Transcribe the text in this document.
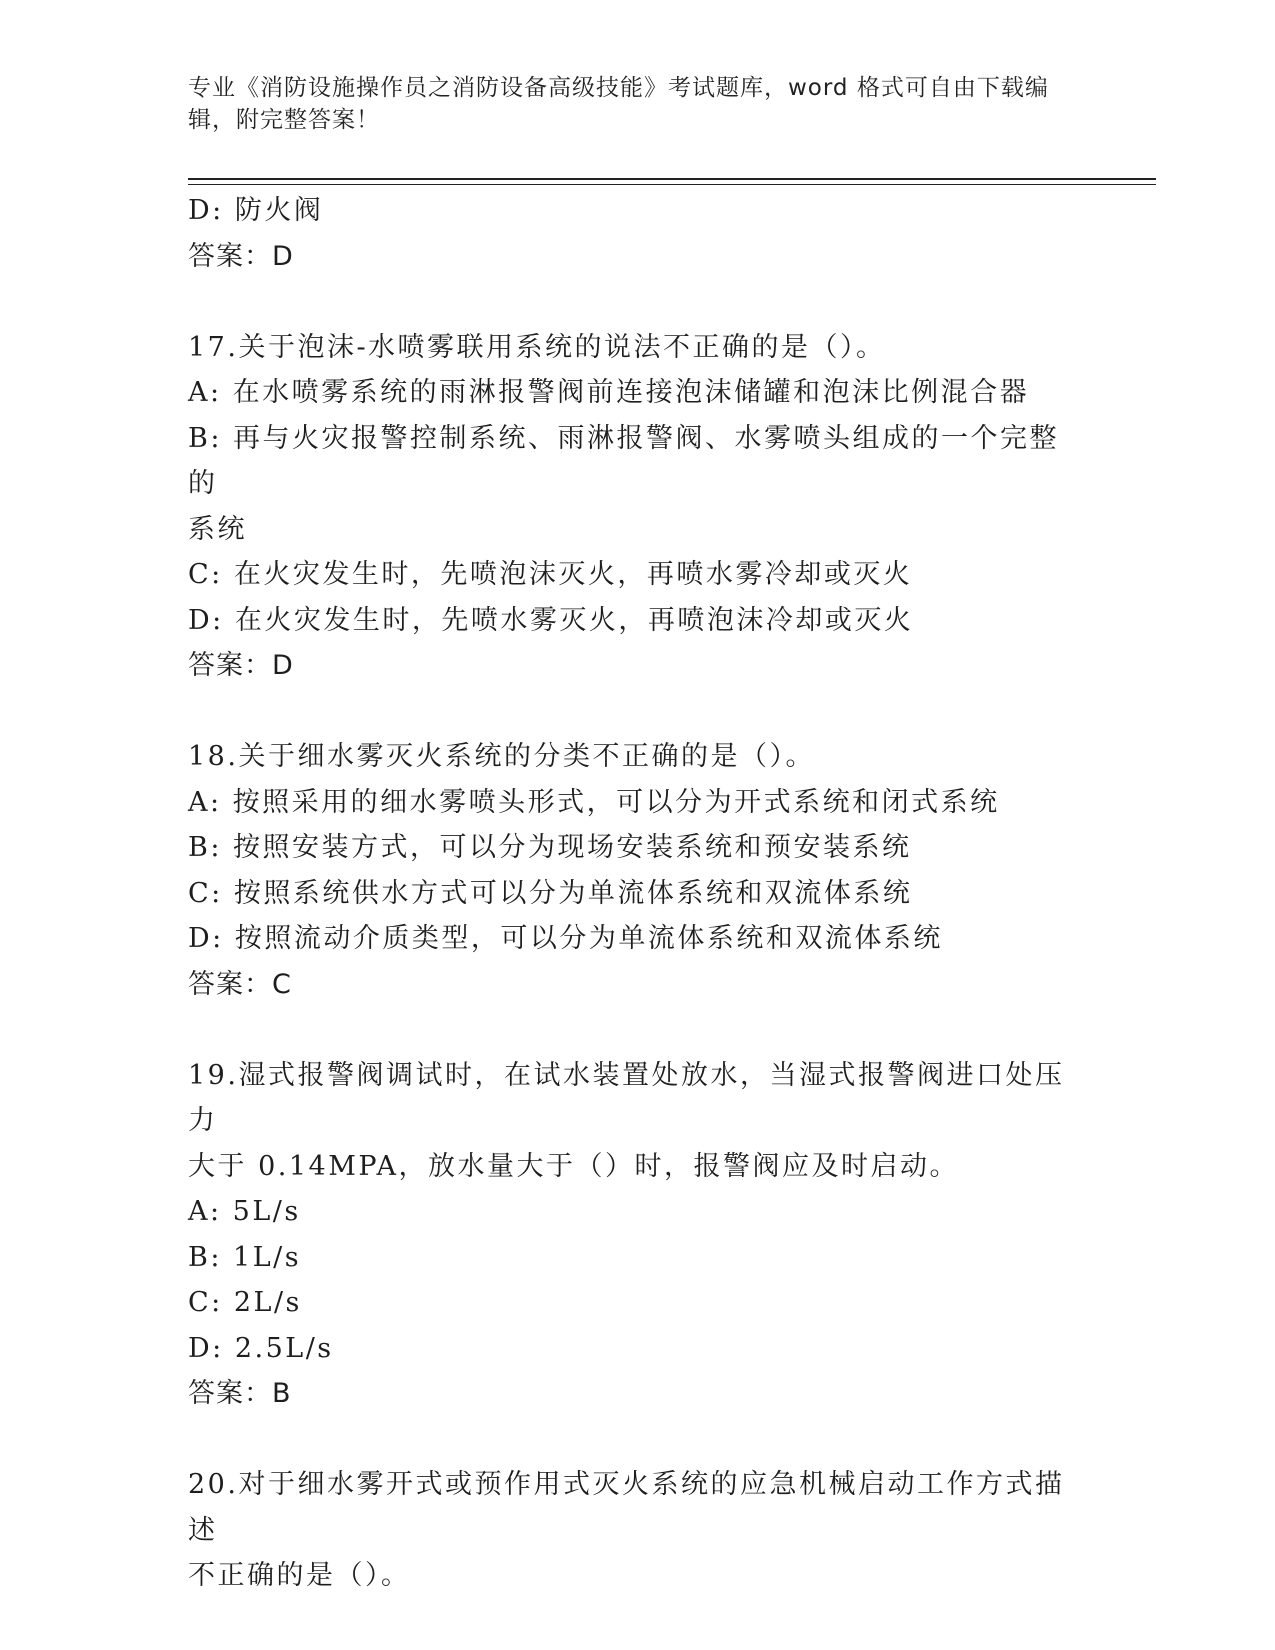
专业《消防设施操作员之消防设备高级技能》考试题库，word 格式可自由下载编
辑，附完整答案！
D: 防火阀
答案：D
17.关于泡沫-水喷雾联用系统的说法不正确的是（）。
A: 在水喷雾系统的雨淋报警阀前连接泡沫储罐和泡沫比例混合器
B: 再与火灾报警控制系统、雨淋报警阀、水雾喷头组成的一个完整的
系统
C: 在火灾发生时，先喷泡沫灭火，再喷水雾冷却或灭火
D: 在火灾发生时，先喷水雾灭火，再喷泡沫冷却或灭火
答案：D
18.关于细水雾灭火系统的分类不正确的是（）。
A: 按照采用的细水雾喷头形式，可以分为开式系统和闭式系统
B: 按照安装方式，可以分为现场安装系统和预安装系统
C: 按照系统供水方式可以分为单流体系统和双流体系统
D: 按照流动介质类型，可以分为单流体系统和双流体系统
答案：C
19.湿式报警阀调试时，在试水装置处放水，当湿式报警阀进口处压力
大于 0.14MPA，放水量大于（）时，报警阀应及时启动。
A: 5L/s
B: 1L/s
C: 2L/s
D: 2.5L/s
答案：B
20.对于细水雾开式或预作用式灭火系统的应急机械启动工作方式描述
不正确的是（）。
